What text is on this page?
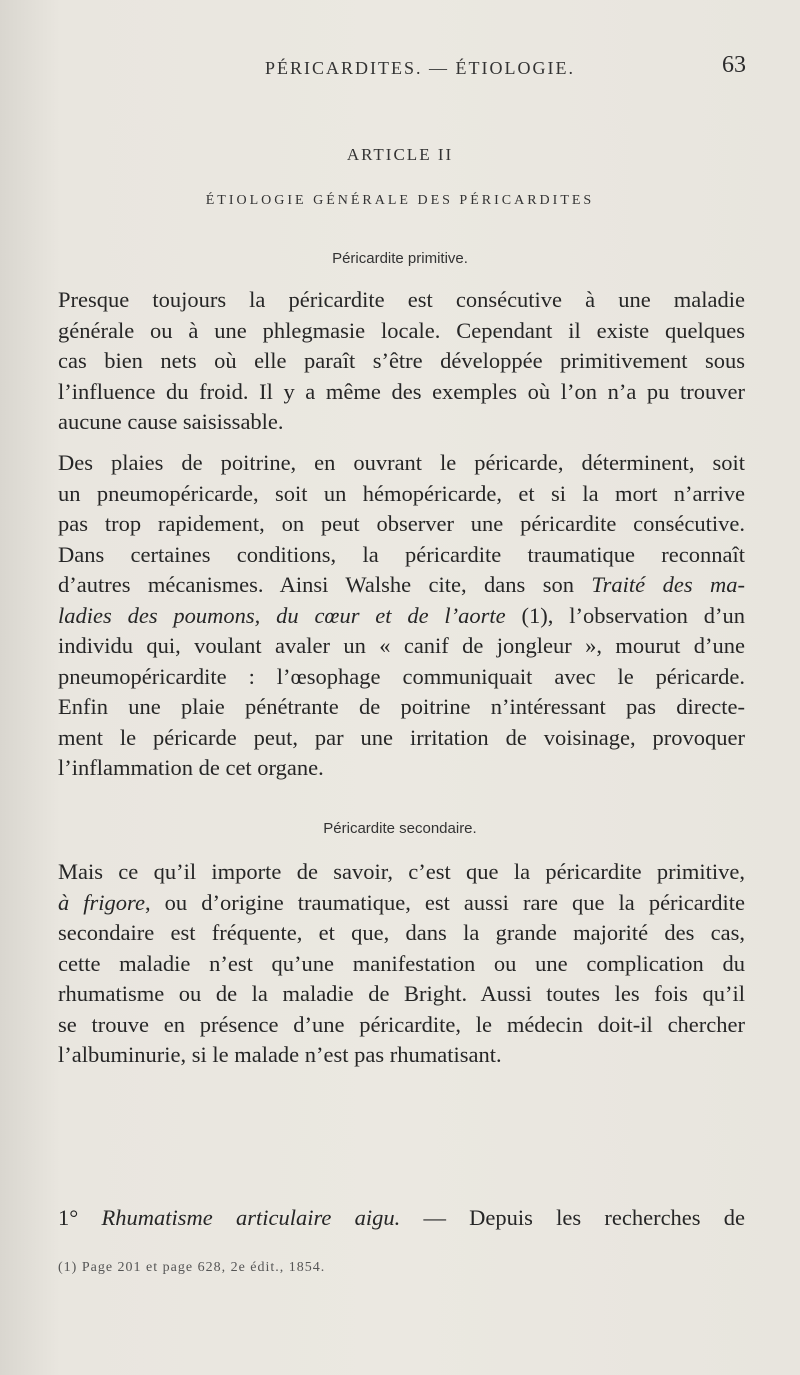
PÉRICARDITES. — ÉTIOLOGIE.	63
ARTICLE II
ÉTIOLOGIE GÉNÉRALE DES PÉRICARDITES
Péricardite primitive.
Presque toujours la péricardite est consécutive à une maladie
générale ou à une phlegmasie locale. Cependant il existe quelques
cas bien nets où elle paraît s’être développée primitivement sous
l’influence du froid. Il y a même des exemples où l’on n’a pu trouver
aucune cause saisissable.
Des plaies de poitrine, en ouvrant le péricarde, déterminent, soit
un pneumopéricarde, soit un hémopéricarde, et si la mort n’arrive
pas trop rapidement, on peut observer une péricardite consécutive.
Dans certaines conditions, la péricardite traumatique reconnaît
d’autres mécanismes. Ainsi Walshe cite, dans son Traité des ma-
ladies des poumons, du cœur et de l’aorte (1), l’observation d’un
individu qui, voulant avaler un « canif de jongleur », mourut d’une
pneumopéricardite : l’œsophage communiquait avec le péricarde.
Enfin une plaie pénétrante de poitrine n’intéressant pas directe-
ment le péricarde peut, par une irritation de voisinage, provoquer
l’inflammation de cet organe.
Péricardite secondaire.
Mais ce qu’il importe de savoir, c’est que la péricardite primitive,
à frigore, ou d’origine traumatique, est aussi rare que la péricardite
secondaire est fréquente, et que, dans la grande majorité des cas,
cette maladie n’est qu’une manifestation ou une complication du
rhumatisme ou de la maladie de Bright. Aussi toutes les fois qu’il
se trouve en présence d’une péricardite, le médecin doit-il chercher
l’albuminurie, si le malade n’est pas rhumatisant.
1° Rhumatisme articulaire aigu. — Depuis les recherches de
(1) Page 201 et page 628, 2e édit., 1854.
